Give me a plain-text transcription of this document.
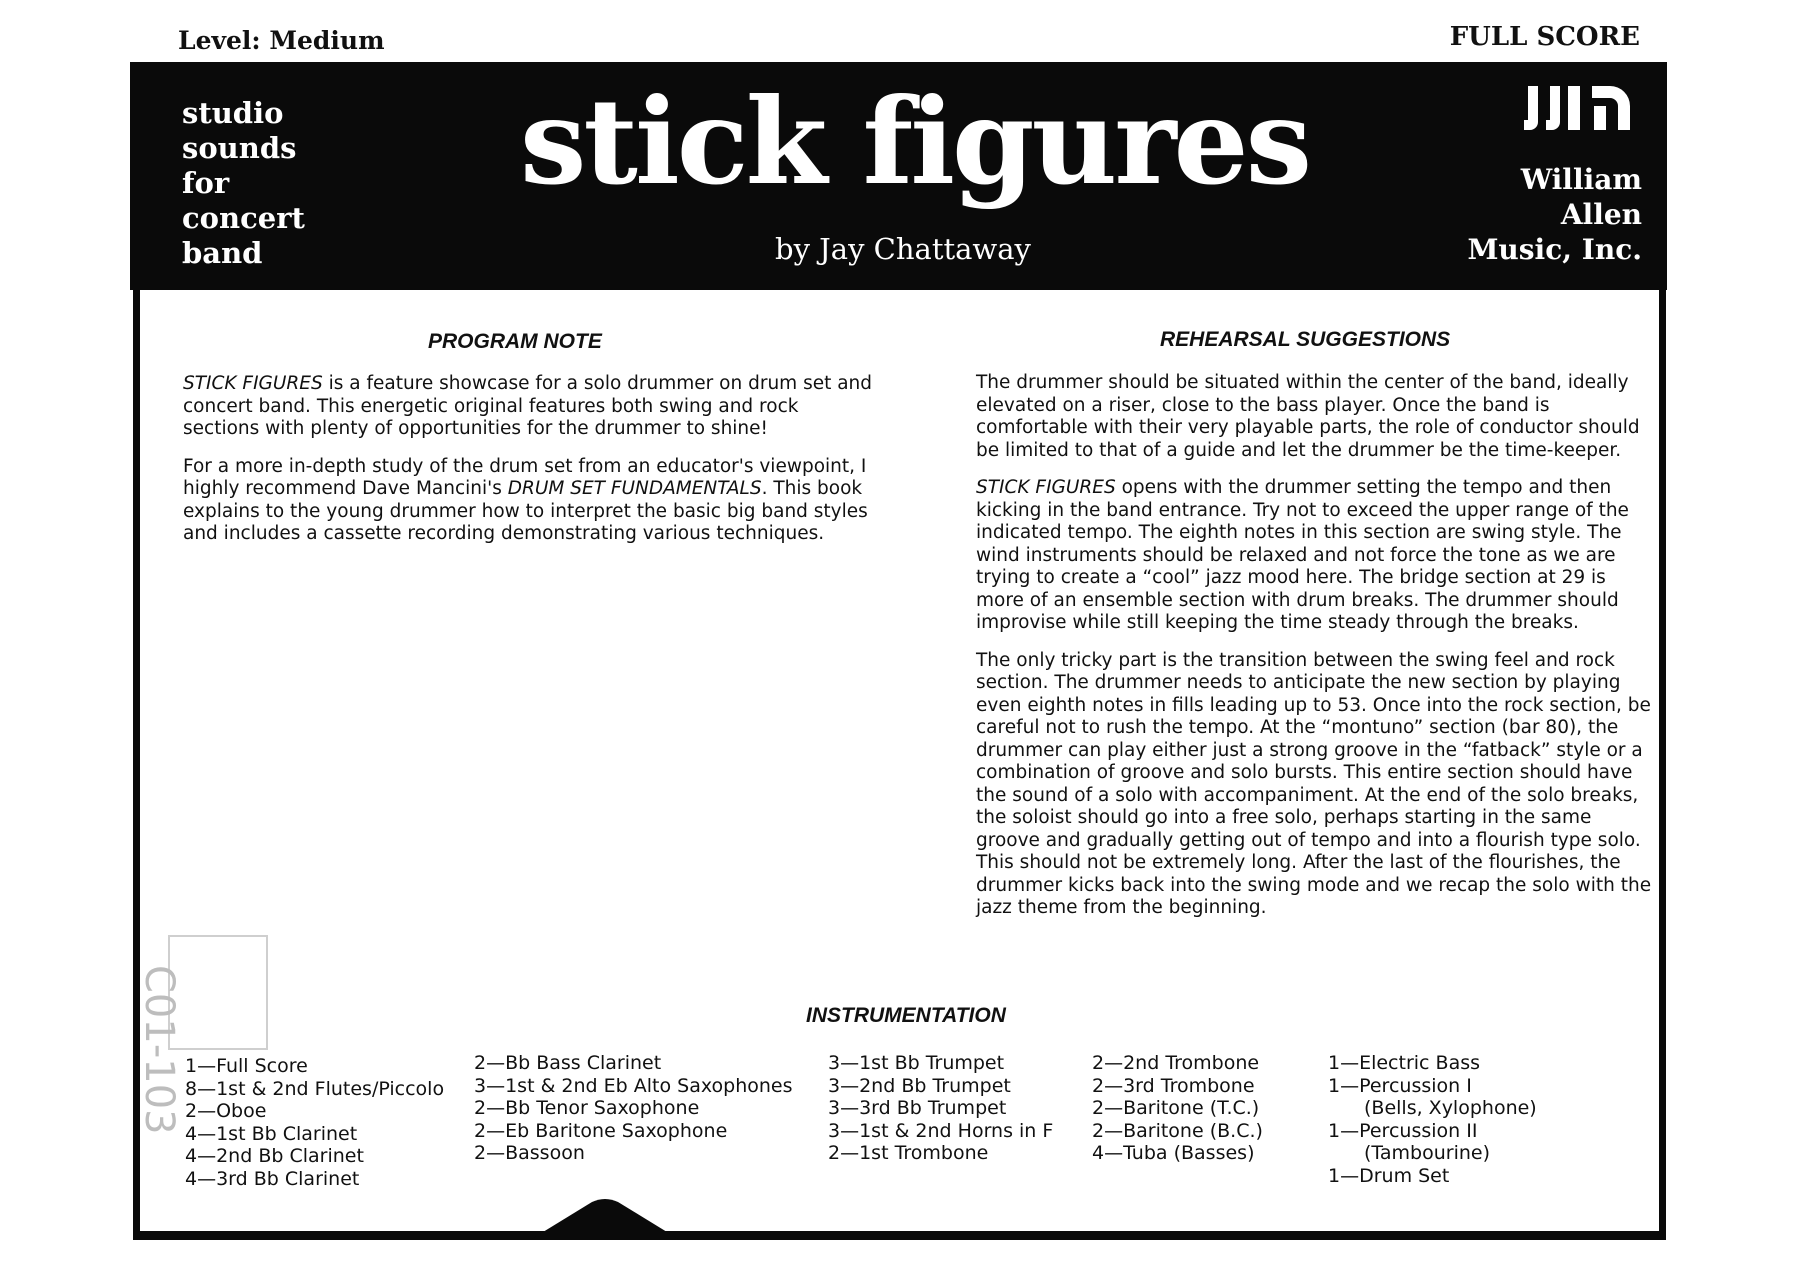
Level: Medium	FULL SCORE
studio
sounds
for
concert
band
stick figures
by Jay Chattaway
William
Allen
Music, Inc.
PROGRAM NOTE

STICK FIGURES is a feature showcase for a solo drummer on drum set and concert band. This energetic original features both swing and rock sections with plenty of opportunities for the drummer to shine!

For a more in-depth study of the drum set from an educator's viewpoint, I highly recommend Dave Mancini's DRUM SET FUNDAMENTALS. This book explains to the young drummer how to interpret the basic big band styles and includes a cassette recording demonstrating various techniques.

REHEARSAL SUGGESTIONS

The drummer should be situated within the center of the band, ideally elevated on a riser, close to the bass player. Once the band is comfortable with their very playable parts, the role of conductor should be limited to that of a guide and let the drummer be the time-keeper.

STICK FIGURES opens with the drummer setting the tempo and then kicking in the band entrance. Try not to exceed the upper range of the indicated tempo. The eighth notes in this section are swing style. The wind instruments should be relaxed and not force the tone as we are trying to create a “cool” jazz mood here. The bridge section at 29 is more of an ensemble section with drum breaks. The drummer should improvise while still keeping the time steady through the breaks.

The only tricky part is the transition between the swing feel and rock section. The drummer needs to anticipate the new section by playing even eighth notes in fills leading up to 53. Once into the rock section, be careful not to rush the tempo. At the “montuno” section (bar 80), the drummer can play either just a strong groove in the “fatback” style or a combination of groove and solo bursts. This entire section should have the sound of a solo with accompaniment. At the end of the solo breaks, the soloist should go into a free solo, perhaps starting in the same groove and gradually getting out of tempo and into a flourish type solo. This should not be extremely long. After the last of the flourishes, the drummer kicks back into the swing mode and we recap the solo with the jazz theme from the beginning.

INSTRUMENTATION
1—Full Score
8—1st & 2nd Flutes/Piccolo
2—Oboe
4—1st Bb Clarinet
4—2nd Bb Clarinet
4—3rd Bb Clarinet
2—Bb Bass Clarinet
3—1st & 2nd Eb Alto Saxophones
2—Bb Tenor Saxophone
2—Eb Baritone Saxophone
2—Bassoon
3—1st Bb Trumpet
3—2nd Bb Trumpet
3—3rd Bb Trumpet
3—1st & 2nd Horns in F
2—1st Trombone
2—2nd Trombone
2—3rd Trombone
2—Baritone (T.C.)
2—Baritone (B.C.)
4—Tuba (Basses)
1—Electric Bass
1—Percussion I
(Bells, Xylophone)
1—Percussion II
(Tambourine)
1—Drum Set
C01-103
